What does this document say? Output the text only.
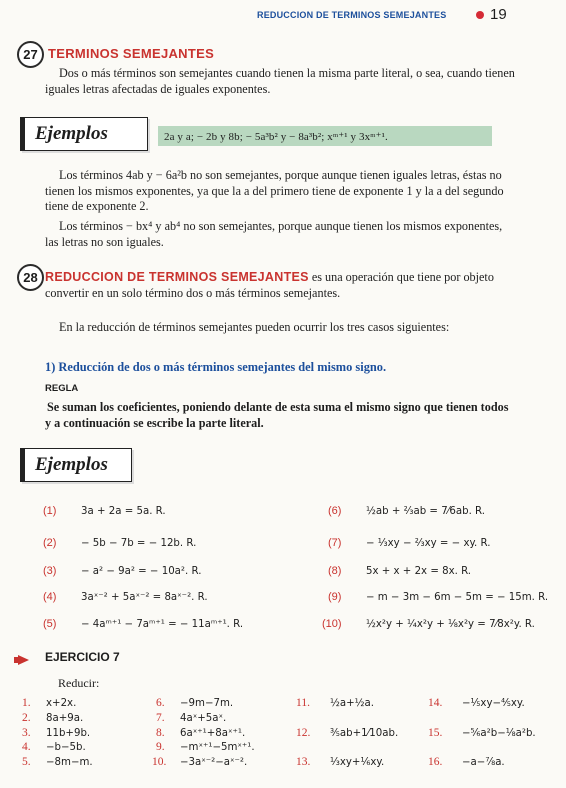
REDUCCION DE TERMINOS SEMEJANTES	19
27 TERMINOS SEMEJANTES
Dos o más términos son semejantes cuando tienen la misma parte literal, o sea, cuando tienen iguales letras afectadas de iguales exponentes.
Ejemplos	2a y a; − 2b y 8b; − 5a³b² y − 8a³b²; xᵐ⁺¹ y 3xᵐ⁺¹.
Los términos 4ab y − 6a²b no son semejantes, porque aunque tienen iguales letras, éstas no tienen los mismos exponentes, ya que la a del primero tiene de exponente 1 y la a del segundo tiene de exponente 2.
Los términos − bx⁴ y ab⁴ no son semejantes, porque aunque tienen los mismos exponentes, las letras no son iguales.
28 REDUCCION DE TERMINOS SEMEJANTES es una operación que tiene por objeto convertir en un solo término dos o más términos semejantes.
En la reducción de términos semejantes pueden ocurrir los tres casos siguientes:
1) Reducción de dos o más términos semejantes del mismo signo.
REGLA
Se suman los coeficientes, poniendo delante de esta suma el mismo signo que tienen todos y a continuación se escribe la parte literal.
Ejemplos
(1) 3a + 2a = 5a. R.
(2) − 5b − 7b = − 12b. R.
(3) − a² − 9a² = − 10a². R.
(4) 3aˣ⁻² + 5aˣ⁻² = 8aˣ⁻². R.
(5) − 4aᵐ⁺¹ − 7aᵐ⁺¹ = − 11aᵐ⁺¹. R.
(6) ½ab + ⅔ab = 7⁄6ab. R.
(7) − ⅓xy − ⅔xy = − xy. R.
(8) 5x + x + 2x = 8x. R.
(9) − m − 3m − 6m − 5m = − 15m. R.
(10) ½x²y + ¼x²y + ⅛x²y = 7⁄8x²y. R.
EJERCICIO 7
Reducir:
1. x+2x.
2. 8a+9a.
3. 11b+9b.
4. −b−5b.
5. −8m−m.
6. −9m−7m.
7. 4aˣ+5aˣ.
8. 6aˣ⁺¹+8aˣ⁺¹.
9. −mˣ⁺¹−5mˣ⁺¹.
10. −3aˣ⁻²−aˣ⁻².
11. ½a+½a.
12. ⅗ab+1⁄10ab.
13. ⅓xy+⅙xy.
14. −⅕xy−⅘xy.
15. −⅚a²b−⅛a²b.
16. −a−⅞a.
